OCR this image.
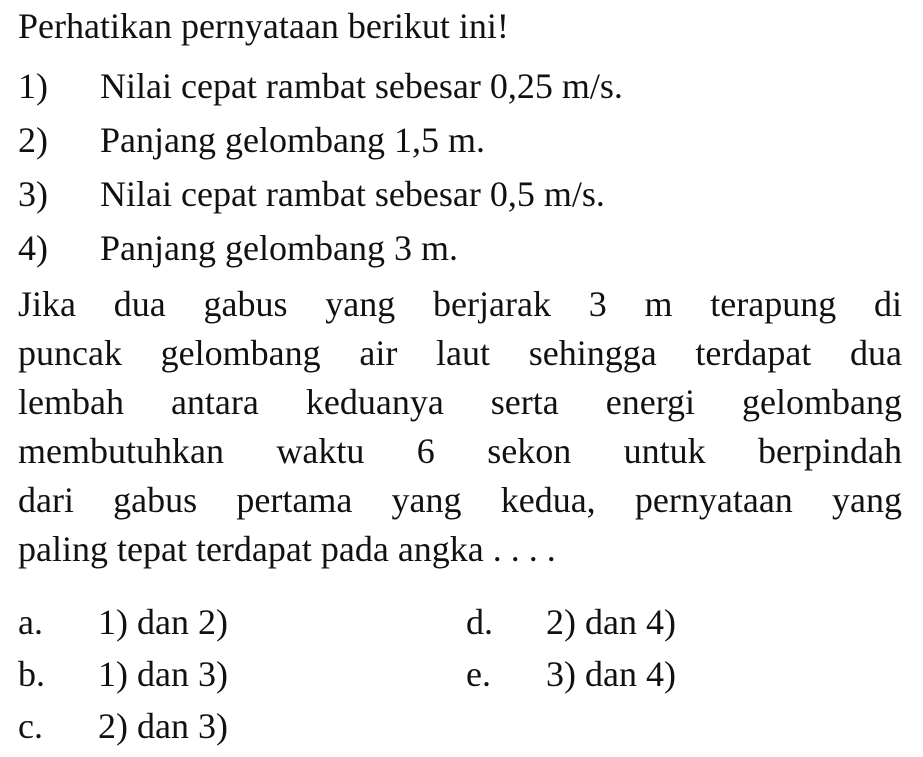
Perhatikan pernyataan berikut ini!
1) Nilai cepat rambat sebesar 0,25 m/s.
2) Panjang gelombang 1,5 m.
3) Nilai cepat rambat sebesar 0,5 m/s.
4) Panjang gelombang 3 m.
Jika dua gabus yang berjarak 3 m terapung di
puncak gelombang air laut sehingga terdapat dua
lembah antara keduanya serta energi gelombang
membutuhkan waktu 6 sekon untuk berpindah
dari gabus pertama yang kedua, pernyataan yang
paling tepat terdapat pada angka . . . .
a. 1) dan 2)
b. 1) dan 3)
c. 2) dan 3)
d. 2) dan 4)
e. 3) dan 4)
